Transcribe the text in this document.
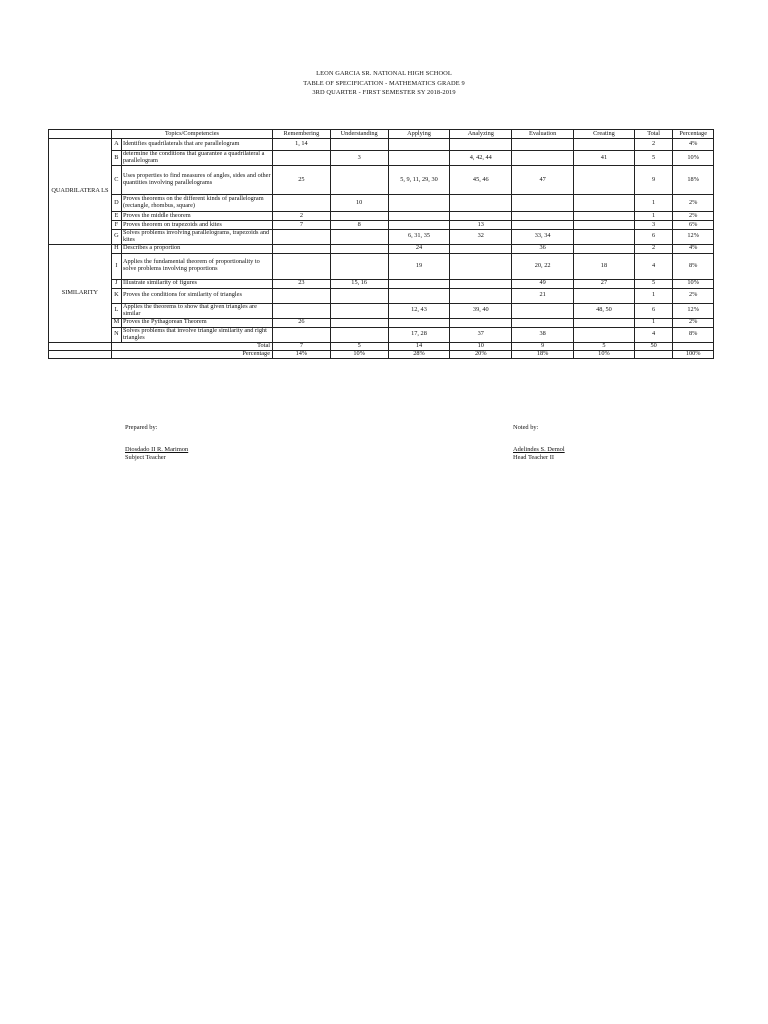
LEON GARCIA SR. NATIONAL HIGH SCHOOL
TABLE OF SPECIFICATION - MATHEMATICS GRADE 9
3RD QUARTER - FIRST SEMESTER SY 2018-2019
	Topics/Competencies		Remembering	Understanding	Applying	Analyzing	Evaluation	Creating	Total	Percentage
QUADRILATERA LS	A	Identifies quadrilaterals that are parallelogram	1, 14						2	4%
	B	determine the conditions that guarantee a quadrilateral a parallelogram		3		4, 42, 44		41	5	10%
	C	Uses properties to find measures of angles, sides and other quantities involving parallelograms	25		5, 9, 11, 29, 30	45, 46	47		9	18%
	D	Proves theorems on the different kinds of parallelogram (rectangle, rhombus, square)		10					1	2%
	E	Proves the middle theorem	2						1	2%
	F	Proves theorem on trapezoids and kites	7	8		13			3	6%
	G	Solves problems involving parallelograms, trapezoids and kites			6, 31, 35	32	33, 34		6	12%
SIMILARITY	H	Describes a proportion			24		36		2	4%
	I	Applies the fundamental theorem of proportionality to solve problems involving proportions			19		20, 22	18	4	8%
	J	Illustrate similarity of figures	23	15, 16			49	27	5	10%
	K	Proves the conditions for similarity of triangles					21		1	2%
	L	Applies the theorems to show that given triangles are similar			12, 43	39, 40		48, 50	6	12%
	M	Proves the Pythagorean Theorem	26						1	2%
	N	Solves problems that involve triangle similarity and right triangles			17, 28	37	38		4	8%
	Total		7	5	14	10	9	5	50	
	Percentage		14%	10%	28%	20%	18%	10%		100%
Prepared by:
Diosdado II R. Marimon
Subject Teacher
Noted by:
Adelindes S. Demol
Head Teacher II
